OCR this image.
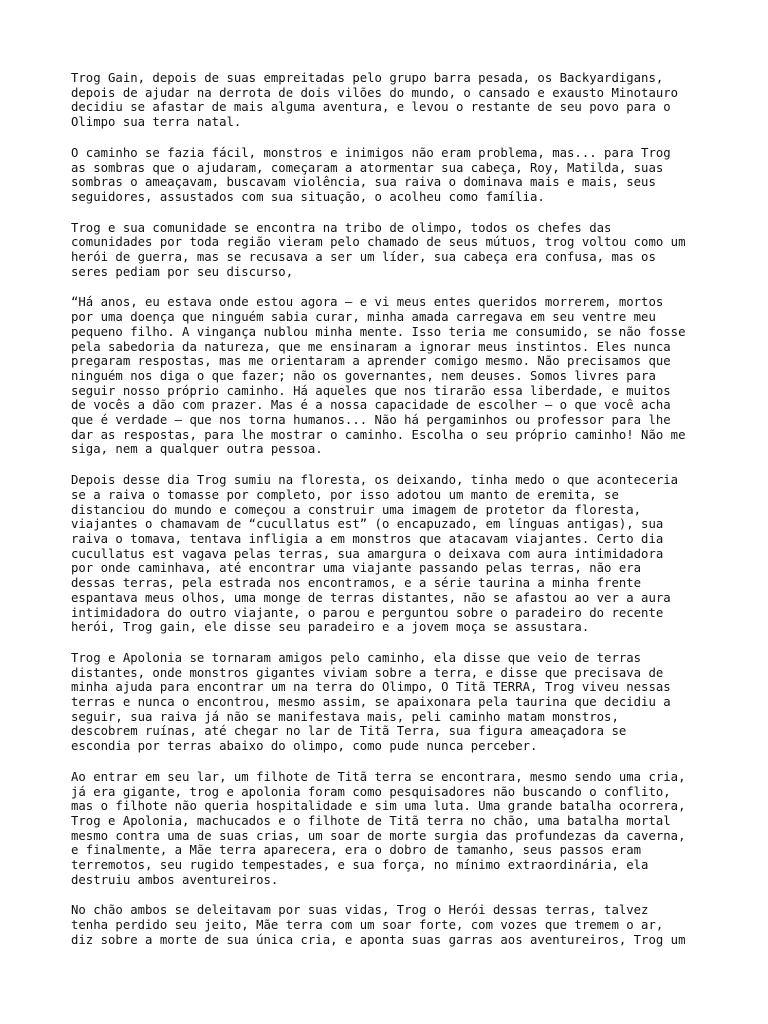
Trog Gain, depois de suas empreitadas pelo grupo barra pesada, os Backyardigans,
depois de ajudar na derrota de dois vilões do mundo, o cansado e exausto Minotauro
decidiu se afastar de mais alguma aventura, e levou o restante de seu povo para o
Olimpo sua terra natal.

O caminho se fazia fácil, monstros e inimigos não eram problema, mas... para Trog
as sombras que o ajudaram, começaram a atormentar sua cabeça, Roy, Matilda, suas
sombras o ameaçavam, buscavam violência, sua raiva o dominava mais e mais, seus
seguidores, assustados com sua situação, o acolheu como família.

Trog e sua comunidade se encontra na tribo de olimpo, todos os chefes das
comunidades por toda região vieram pelo chamado de seus mútuos, trog voltou como um
herói de guerra, mas se recusava a ser um líder, sua cabeça era confusa, mas os
seres pediam por seu discurso,

“Há anos, eu estava onde estou agora – e vi meus entes queridos morrerem, mortos
por uma doença que ninguém sabia curar, minha amada carregava em seu ventre meu
pequeno filho. A vingança nublou minha mente. Isso teria me consumido, se não fosse
pela sabedoria da natureza, que me ensinaram a ignorar meus instintos. Eles nunca
pregaram respostas, mas me orientaram a aprender comigo mesmo. Não precisamos que
ninguém nos diga o que fazer; não os governantes, nem deuses. Somos livres para
seguir nosso próprio caminho. Há aqueles que nos tirarão essa liberdade, e muitos
de vocês a dão com prazer. Mas é a nossa capacidade de escolher – o que você acha
que é verdade – que nos torna humanos... Não há pergaminhos ou professor para lhe
dar as respostas, para lhe mostrar o caminho. Escolha o seu próprio caminho! Não me
siga, nem a qualquer outra pessoa.

Depois desse dia Trog sumiu na floresta, os deixando, tinha medo o que aconteceria
se a raiva o tomasse por completo, por isso adotou um manto de eremita, se
distanciou do mundo e começou a construir uma imagem de protetor da floresta,
viajantes o chamavam de “cucullatus est” (o encapuzado, em línguas antigas), sua
raiva o tomava, tentava infligia a em monstros que atacavam viajantes. Certo dia
cucullatus est vagava pelas terras, sua amargura o deixava com aura intimidadora
por onde caminhava, até encontrar uma viajante passando pelas terras, não era
dessas terras, pela estrada nos encontramos, e a série taurina a minha frente
espantava meus olhos, uma monge de terras distantes, não se afastou ao ver a aura
intimidadora do outro viajante, o parou e perguntou sobre o paradeiro do recente
herói, Trog gain, ele disse seu paradeiro e a jovem moça se assustara.

Trog e Apolonia se tornaram amigos pelo caminho, ela disse que veio de terras
distantes, onde monstros gigantes viviam sobre a terra, e disse que precisava de
minha ajuda para encontrar um na terra do Olimpo, O Titã TERRA, Trog viveu nessas
terras e nunca o encontrou, mesmo assim, se apaixonara pela taurina que decidiu a
seguir, sua raiva já não se manifestava mais, peli caminho matam monstros,
descobrem ruínas, até chegar no lar de Titã Terra, sua figura ameaçadora se
escondia por terras abaixo do olimpo, como pude nunca perceber.

Ao entrar em seu lar, um filhote de Titã terra se encontrara, mesmo sendo uma cria,
já era gigante, trog e apolonia foram como pesquisadores não buscando o conflito,
mas o filhote não queria hospitalidade e sim uma luta. Uma grande batalha ocorrera,
Trog e Apolonia, machucados e o filhote de Titã terra no chão, uma batalha mortal
mesmo contra uma de suas crias, um soar de morte surgia das profundezas da caverna,
e finalmente, a Mãe terra aparecera, era o dobro de tamanho, seus passos eram
terremotos, seu rugido tempestades, e sua força, no mínimo extraordinária, ela
destruiu ambos aventureiros.

No chão ambos se deleitavam por suas vidas, Trog o Herói dessas terras, talvez
tenha perdido seu jeito, Mãe terra com um soar forte, com vozes que tremem o ar,
diz sobre a morte de sua única cria, e aponta suas garras aos aventureiros, Trog um
